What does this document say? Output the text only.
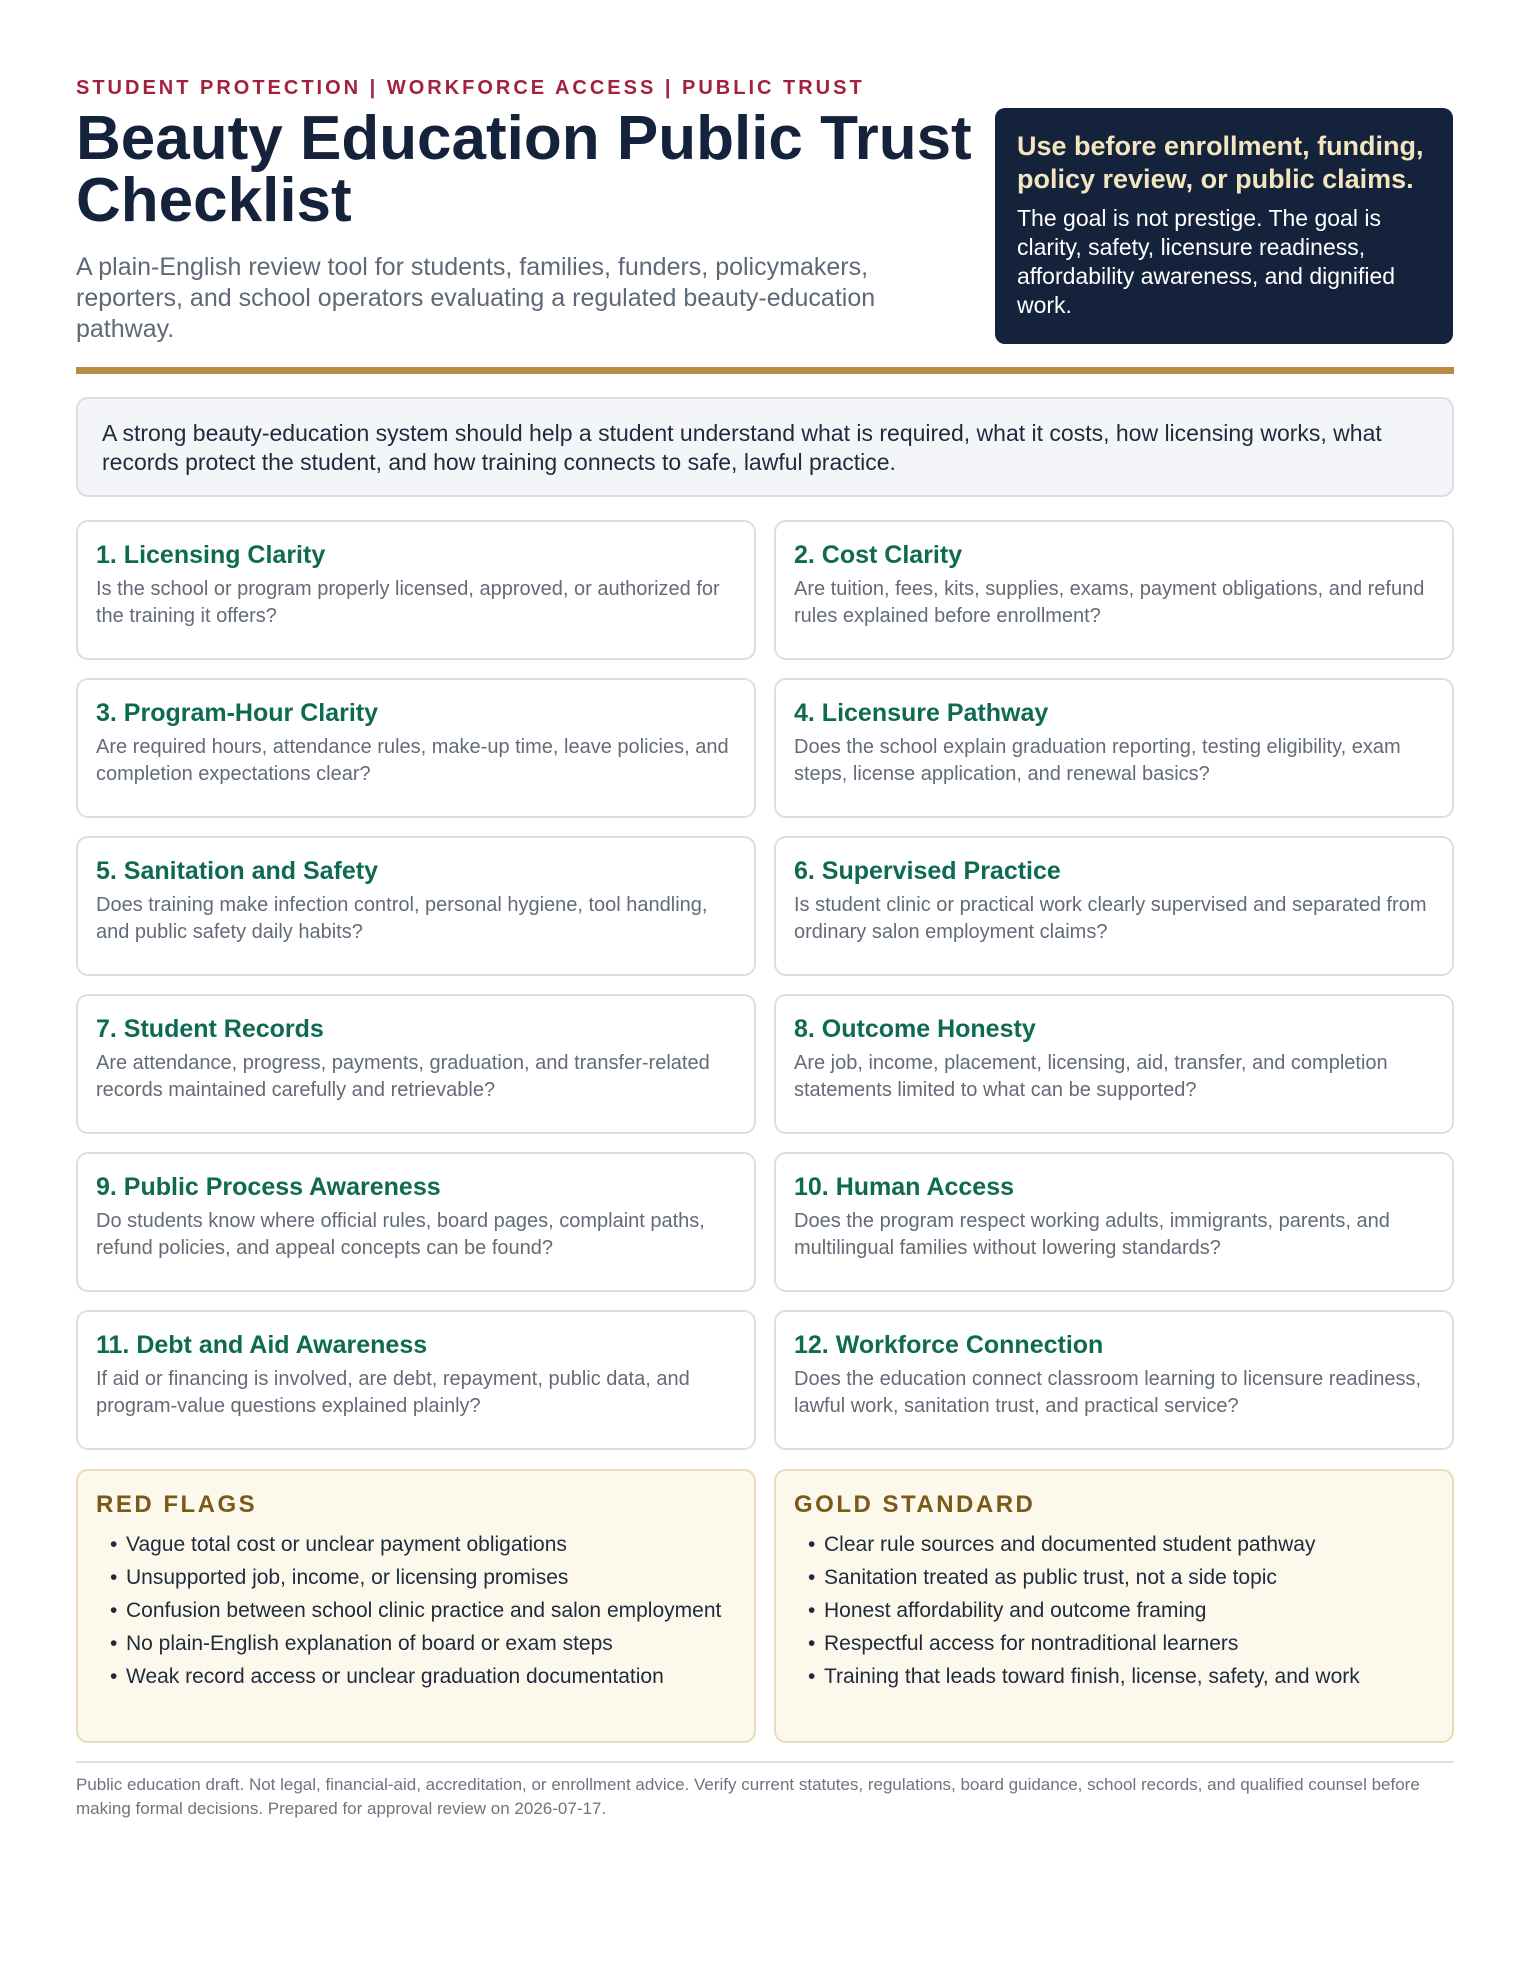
STUDENT PROTECTION | WORKFORCE ACCESS | PUBLIC TRUST
Beauty Education Public Trust Checklist

A plain-English review tool for students, families, funders, policymakers, reporters, and school operators evaluating a regulated beauty-education pathway.

Use before enrollment, funding, policy review, or public claims.

The goal is not prestige. The goal is clarity, safety, licensure readiness, affordability awareness, and dignified work.

A strong beauty-education system should help a student understand what is required, what it costs, how licensing works, what records protect the student, and how training connects to safe, lawful practice.

1. Licensing Clarity

Is the school or program properly licensed, approved, or authorized for the training it offers?

2. Cost Clarity

Are tuition, fees, kits, supplies, exams, payment obligations, and refund rules explained before enrollment?

3. Program-Hour Clarity

Are required hours, attendance rules, make-up time, leave policies, and completion expectations clear?

4. Licensure Pathway

Does the school explain graduation reporting, testing eligibility, exam steps, license application, and renewal basics?

5. Sanitation and Safety

Does training make infection control, personal hygiene, tool handling, and public safety daily habits?

6. Supervised Practice

Is student clinic or practical work clearly supervised and separated from ordinary salon employment claims?

7. Student Records

Are attendance, progress, payments, graduation, and transfer-related records maintained carefully and retrievable?

8. Outcome Honesty

Are job, income, placement, licensing, aid, transfer, and completion statements limited to what can be supported?

9. Public Process Awareness

Do students know where official rules, board pages, complaint paths, refund policies, and appeal concepts can be found?

10. Human Access

Does the program respect working adults, immigrants, parents, and multilingual families without lowering standards?

11. Debt and Aid Awareness

If aid or financing is involved, are debt, repayment, public data, and program-value questions explained plainly?

12. Workforce Connection

Does the education connect classroom learning to licensure readiness, lawful work, sanitation trust, and practical service?

RED FLAGS

• Vague total cost or unclear payment obligations
• Unsupported job, income, or licensing promises
• Confusion between school clinic practice and salon employment
• No plain-English explanation of board or exam steps
• Weak record access or unclear graduation documentation

GOLD STANDARD

• Clear rule sources and documented student pathway
• Sanitation treated as public trust, not a side topic
• Honest affordability and outcome framing
• Respectful access for nontraditional learners
• Training that leads toward finish, license, safety, and work

Public education draft. Not legal, financial-aid, accreditation, or enrollment advice. Verify current statutes, regulations, board guidance, school records, and qualified counsel before making formal decisions. Prepared for approval review on 2026-07-17.
